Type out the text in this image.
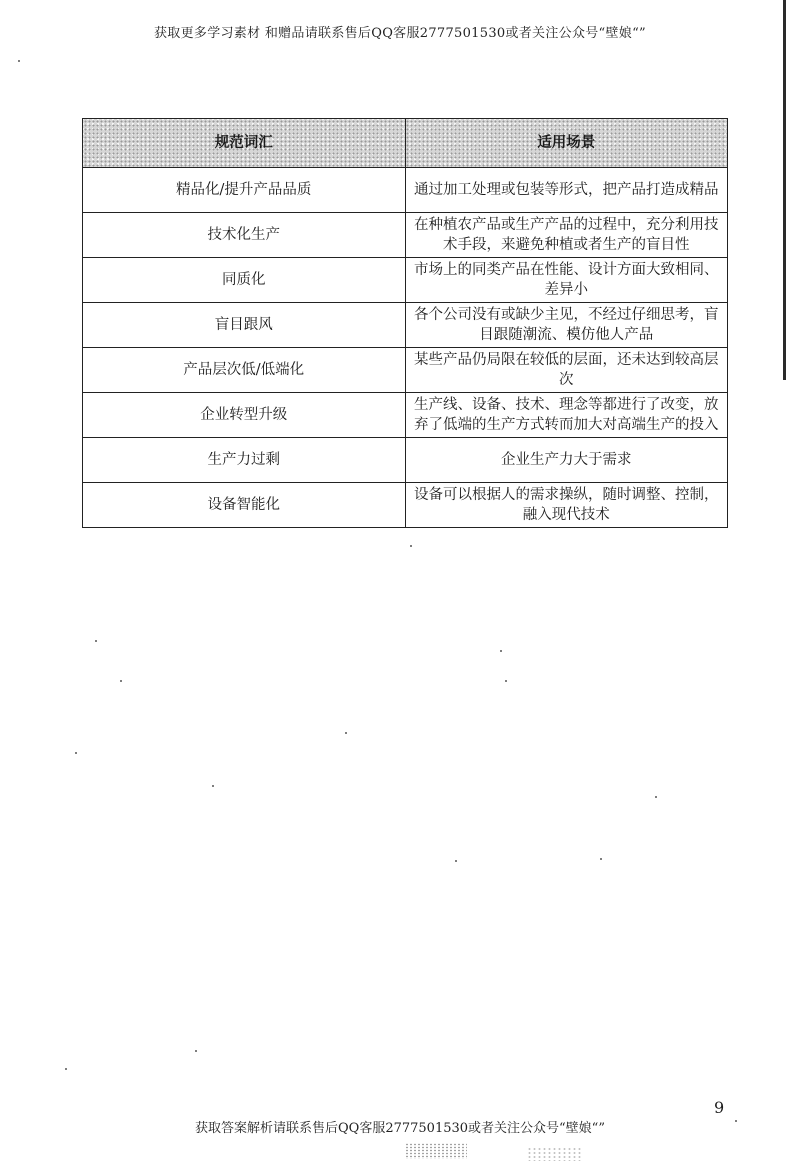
获取更多学习素材 和赠品请联系售后QQ客服2777501530或者关注公众号“壁娘“”
规范词汇	适用场景
精品化/提升产品品质	通过加工处理或包装等形式，把产品打造成精品
技术化生产	在种植农产品或生产产品的过程中，充分利用技术手段，来避免种植或者生产的盲目性
同质化	市场上的同类产品在性能、设计方面大致相同、差异小
盲目跟风	各个公司没有或缺少主见，不经过仔细思考，盲目跟随潮流、模仿他人产品
产品层次低/低端化	某些产品仍局限在较低的层面，还未达到较高层次
企业转型升级	生产线、设备、技术、理念等都进行了改变，放弃了低端的生产方式转而加大对高端生产的投入
生产力过剩	企业生产力大于需求
设备智能化	设备可以根据人的需求操纵，随时调整、控制，融入现代技术
9
获取答案解析请联系售后QQ客服2777501530或者关注公众号“壁娘“”
